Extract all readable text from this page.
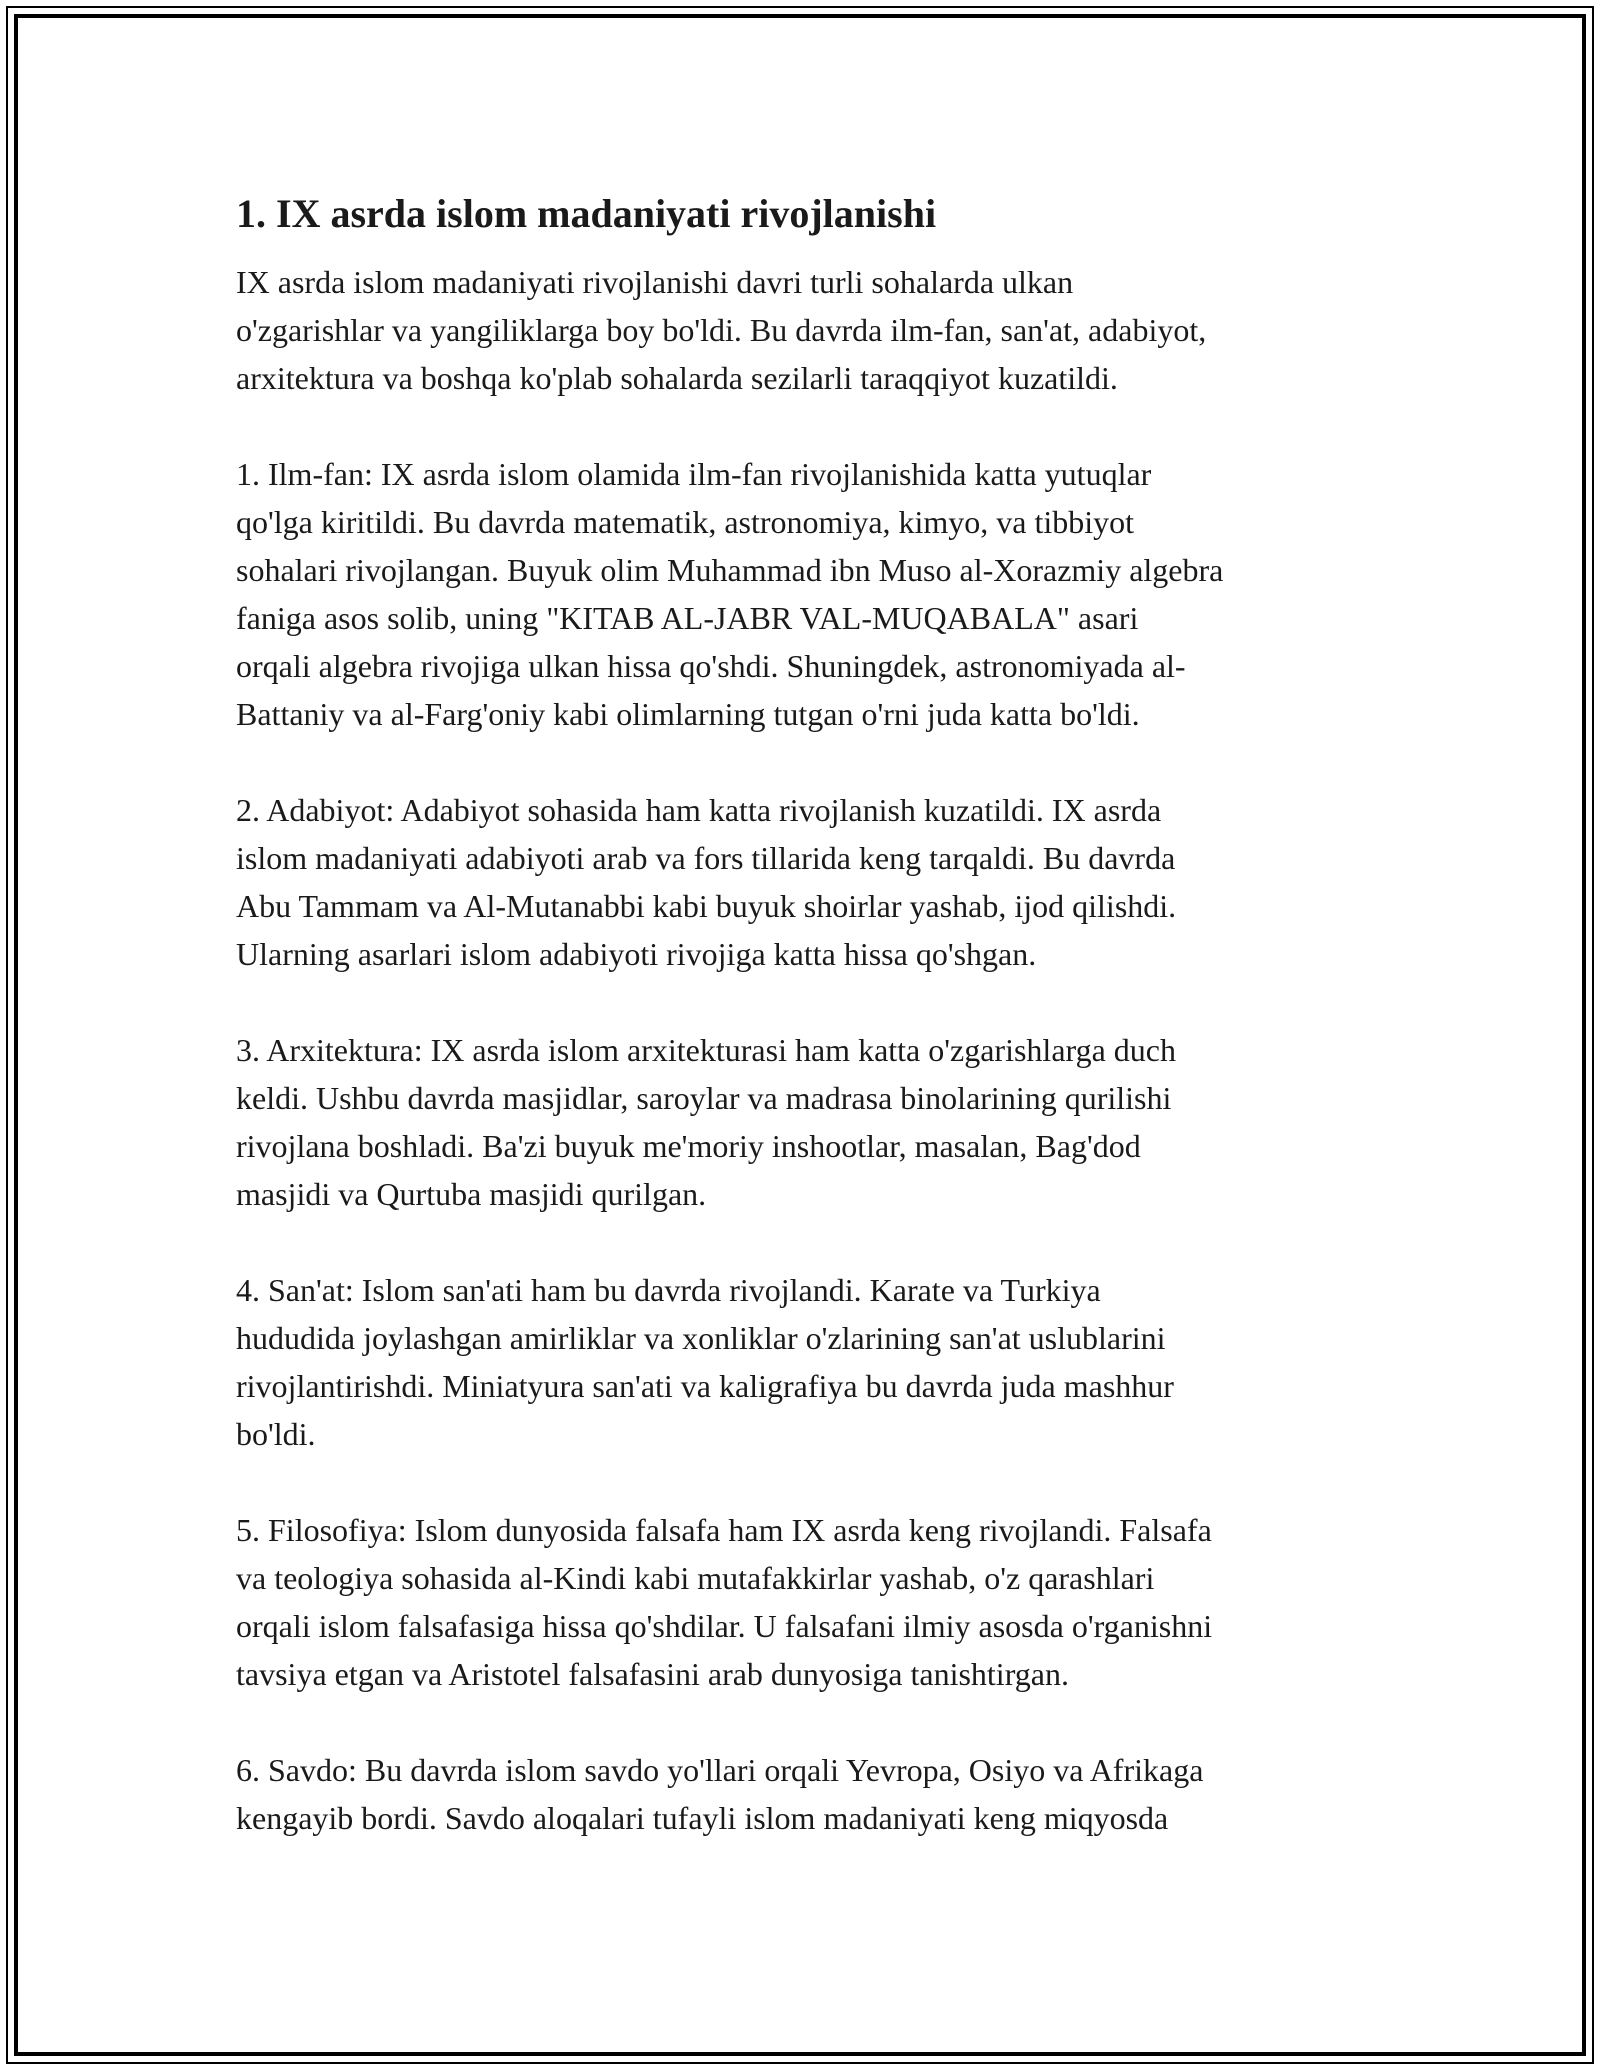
1. IX asrda islom madaniyati rivojlanishi

IX asrda islom madaniyati rivojlanishi davri turli sohalarda ulkan
o'zgarishlar va yangiliklarga boy bo'ldi. Bu davrda ilm-fan, san'at, adabiyot,
arxitektura va boshqa ko'plab sohalarda sezilarli taraqqiyot kuzatildi.

1. Ilm-fan: IX asrda islom olamida ilm-fan rivojlanishida katta yutuqlar
qo'lga kiritildi. Bu davrda matematik, astronomiya, kimyo, va tibbiyot
sohalari rivojlangan. Buyuk olim Muhammad ibn Muso al-Xorazmiy algebra
faniga asos solib, uning "KITAB AL-JABR VAL-MUQABALA" asari
orqali algebra rivojiga ulkan hissa qo'shdi. Shuningdek, astronomiyada al-
Battaniy va al-Farg'oniy kabi olimlarning tutgan o'rni juda katta bo'ldi.

2. Adabiyot: Adabiyot sohasida ham katta rivojlanish kuzatildi. IX asrda
islom madaniyati adabiyoti arab va fors tillarida keng tarqaldi. Bu davrda
Abu Tammam va Al-Mutanabbi kabi buyuk shoirlar yashab, ijod qilishdi.
Ularning asarlari islom adabiyoti rivojiga katta hissa qo'shgan.

3. Arxitektura: IX asrda islom arxitekturasi ham katta o'zgarishlarga duch
keldi. Ushbu davrda masjidlar, saroylar va madrasa binolarining qurilishi
rivojlana boshladi. Ba'zi buyuk me'moriy inshootlar, masalan, Bag'dod
masjidi va Qurtuba masjidi qurilgan.

4. San'at: Islom san'ati ham bu davrda rivojlandi. Karate va Turkiya
hududida joylashgan amirliklar va xonliklar o'zlarining san'at uslublarini
rivojlantirishdi. Miniatyura san'ati va kaligrafiya bu davrda juda mashhur
bo'ldi.

5. Filosofiya: Islom dunyosida falsafa ham IX asrda keng rivojlandi. Falsafa
va teologiya sohasida al-Kindi kabi mutafakkirlar yashab, o'z qarashlari
orqali islom falsafasiga hissa qo'shdilar. U falsafani ilmiy asosda o'rganishni
tavsiya etgan va Aristotel falsafasini arab dunyosiga tanishtirgan.

6. Savdo: Bu davrda islom savdo yo'llari orqali Yevropa, Osiyo va Afrikaga
kengayib bordi. Savdo aloqalari tufayli islom madaniyati keng miqyosda
